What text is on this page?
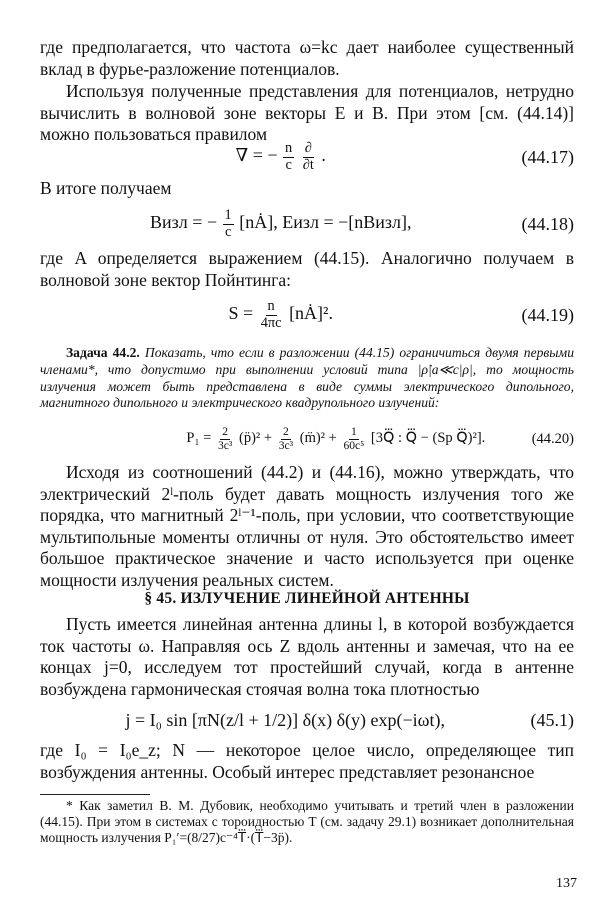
где предполагается, что частота ω=kc дает наиболее существенный вклад в фурье-разложение потенциалов.

Используя полученные представления для потенциалов, нетрудно вычислить в волновой зоне векторы E и B. При этом [см. (44.14)] можно пользоваться правилом

∇ = − $\frac{n}{c}$
$\frac{\partial}{\partial t}$ .	(44.17)

В итоге получаем

Bизл = − $\frac{1}{c}$ [nȦ], Eизл = −[nBизл],	(44.18)

где A определяется выражением (44.15). Аналогично получаем в волновой зоне вектор Пойнтинга:

$S = \frac{n}{4\pi c}$ [nȦ]².	(44.19)

Задача 44.2. Показать, что если в разложении (44.15) ограничиться двумя первыми членами*, что допустимо при выполнении условий типа |ρ̇|a≪c|ρ|, то мощность излучения может быть представлена в виде суммы электрического дипольного, магнитного дипольного и электрического квадрупольного излучений:

$P_1 = \frac{2}{\text{3c³}}$ (p̈)² + $\frac{2}{\text{3c³}}$ (m̈)² + $\frac{1}{\text{60c⁵}}$ [3Q⃛ : Q⃛ − (Sp Q⃛)²].	(44.20)

Исходя из соотношений (44.2) и (44.16), можно утверждать, что электрический 2ˡ-поль будет давать мощность излучения того же порядка, что магнитный 2ˡ⁻¹-поль, при условии, что соответствующие мультипольные моменты отличны от нуля. Это обстоятельство имеет большое практическое значение и часто используется при оценке мощности излучения реальных систем.

§ 45. ИЗЛУЧЕНИЕ ЛИНЕЙНОЙ АНТЕННЫ

Пусть имеется линейная антенна длины l, в которой возбуждается ток частоты ω. Направляя ось Z вдоль антенны и замечая, что на ее концах j=0, исследуем тот простейший случай, когда в антенне возбуждена гармоническая стоячая волна тока плотностью

j = I₀ sin [πN(z/l + 1/2)] δ(x) δ(y) exp(−iωt),	(45.1)

где I₀ = I₀e_z; N — некоторое целое число, определяющее тип возбуждения антенны. Особый интерес представляет резонансное

* Как заметил В. М. Дубовик, необходимо учитывать и третий член в разложении (44.15). При этом в системах с тороидностью T (см. задачу 29.1) возникает дополнительная мощность излучения P₁′=(8/27)c⁻⁴T⃛·(T⃛−3p̈).

137
